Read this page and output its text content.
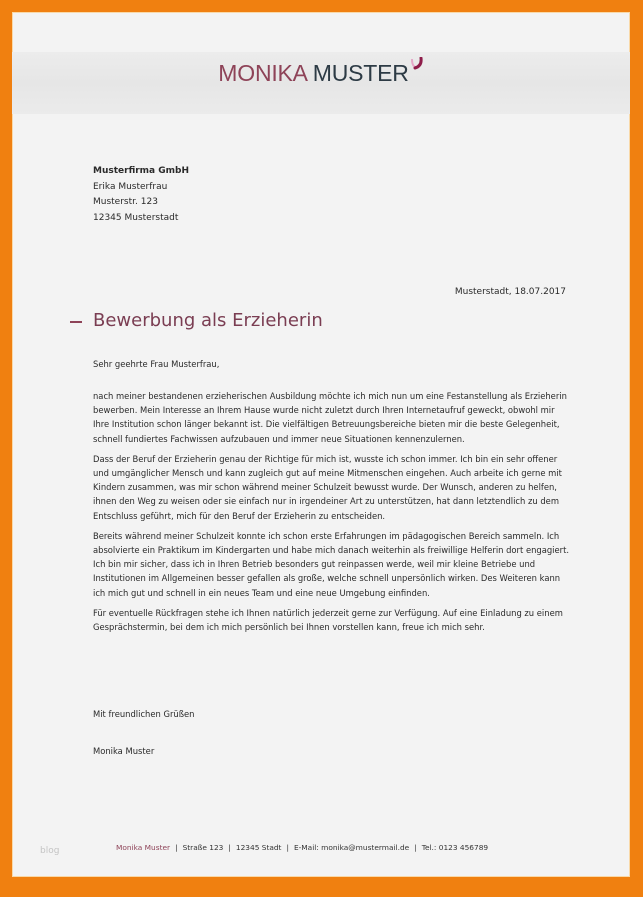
MONIKA MUSTER
Musterfirma GmbH
Erika Musterfrau
Musterstr. 123
12345 Musterstadt
Musterstadt, 18.07.2017
Bewerbung als Erzieherin
Sehr geehrte Frau Musterfrau,

nach meiner bestandenen erzieherischen Ausbildung möchte ich mich nun um eine Festanstellung als Erzieherin bewerben. Mein Interesse an Ihrem Hause wurde nicht zuletzt durch Ihren Internetaufruf geweckt, obwohl mir Ihre Institution schon länger bekannt ist. Die vielfältigen Betreuungsbereiche bieten mir die beste Gelegenheit, schnell fundiertes Fachwissen aufzubauen und immer neue Situationen kennenzulernen.

Dass der Beruf der Erzieherin genau der Richtige für mich ist, wusste ich schon immer. Ich bin ein sehr offener und umgänglicher Mensch und kann zugleich gut auf meine Mitmenschen eingehen. Auch arbeite ich gerne mit Kindern zusammen, was mir schon während meiner Schulzeit bewusst wurde. Der Wunsch, anderen zu helfen, ihnen den Weg zu weisen oder sie einfach nur in irgendeiner Art zu unterstützen, hat dann letztendlich zu dem Entschluss geführt, mich für den Beruf der Erzieherin zu entscheiden.

Bereits während meiner Schulzeit konnte ich schon erste Erfahrungen im pädagogischen Bereich sammeln. Ich absolvierte ein Praktikum im Kindergarten und habe mich danach weiterhin als freiwillige Helferin dort engagiert. Ich bin mir sicher, dass ich in Ihren Betrieb besonders gut reinpassen werde, weil mir kleine Betriebe und Institutionen im Allgemeinen besser gefallen als große, welche schnell unpersönlich wirken. Des Weiteren kann ich mich gut und schnell in ein neues Team und eine neue Umgebung einfinden.

Für eventuelle Rückfragen stehe ich Ihnen natürlich jederzeit gerne zur Verfügung. Auf eine Einladung zu einem Gesprächstermin, bei dem ich mich persönlich bei Ihnen vorstellen kann, freue ich mich sehr.

Mit freundlichen Grüßen
Monika Muster
blog	Monika Muster | Straße 123 | 12345 Stadt | E-Mail: monika@mustermail.de | Tel.: 0123 456789
